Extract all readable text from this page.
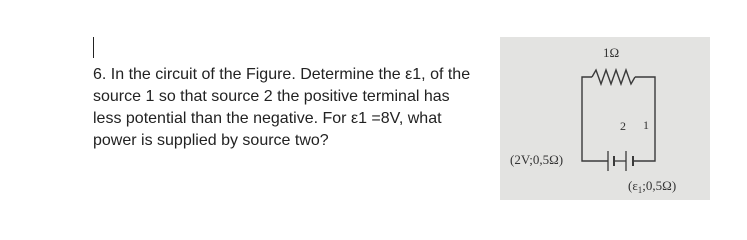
6. In the circuit of the Figure. Determine the ε1, of the
source 1 so that source 2 the positive terminal has
less potential than the negative. For ε1 =8V, what
power is supplied by source two?
1Ω
2 1
(2V;0,5Ω)
$(\varepsilon_1;0,5\Omega)$
